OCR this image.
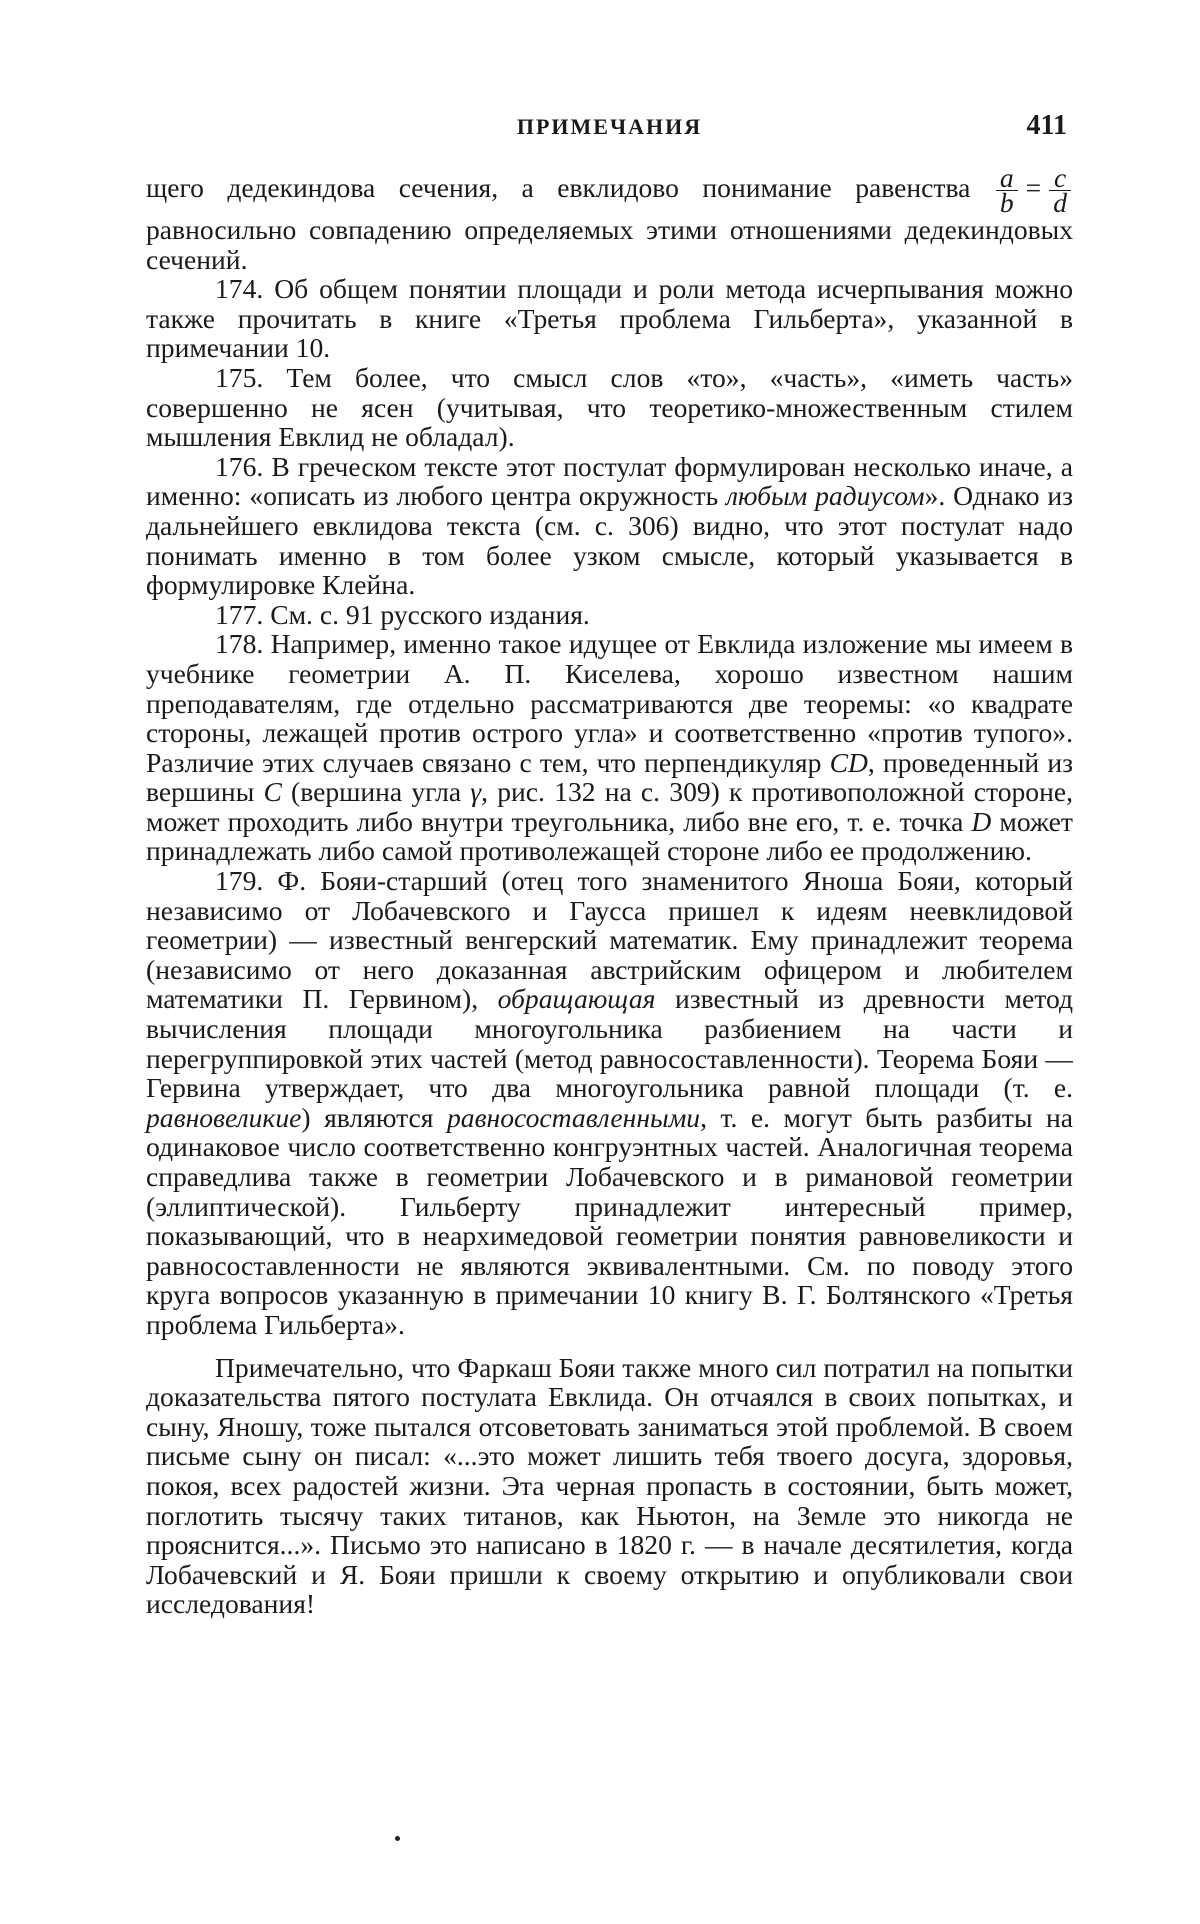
ПРИМЕЧАНИЯ	411

щего дедекиндова сечения, а евклидово понимание равенства a
b = c
d
равносильно совпадению определяемых этими отношениями дедекиндовых сечений.

174. Об общем понятии площади и роли метода исчерпывания можно также прочитать в книге «Третья проблема Гильберта», указанной в примечании 10.

175. Тем более, что смысл слов «то», «часть», «иметь часть» совершенно не ясен (учитывая, что теоретико-множественным стилем мышления Евклид не обладал).

176. В греческом тексте этот постулат формулирован несколько иначе, а именно: «описать из любого центра окружность любым радиусом». Однако из дальнейшего евклидова текста (см. с. 306) видно, что этот постулат надо понимать именно в том более узком смысле, который указывается в формулировке Клейна.

177. См. с. 91 русского издания.

178. Например, именно такое идущее от Евклида изложение мы имеем в учебнике геометрии А. П. Киселева, хорошо известном нашим преподавателям, где отдельно рассматриваются две теоремы: «о квадрате стороны, лежащей против острого угла» и соответственно «против тупого». Различие этих случаев связано с тем, что перпендикуляр CD, проведенный из вершины C (вершина угла γ, рис. 132 на с. 309) к противоположной стороне, может проходить либо внутри треугольника, либо вне его, т. е. точка D может принадлежать либо самой противолежащей стороне либо ее продолжению.

179. Ф. Бояи-старший (отец того знаменитого Яноша Бояи, который независимо от Лобачевского и Гаусса пришел к идеям неевклидовой геометрии) — известный венгерский математик. Ему принадлежит теорема (независимо от него доказанная австрийским офицером и любителем математики П. Гервином), обращающая известный из древности метод вычисления площади многоугольника разбиением на части и перегруппировкой этих частей (метод равносоставленности). Теорема Бояи — Гервина утверждает, что два многоугольника равной площади (т. е. равновеликие) являются равносоставленными, т. е. могут быть разбиты на одинаковое число соответственно конгруэнтных частей. Аналогичная теорема справедлива также в геометрии Лобачевского и в римановой геометрии (эллиптической). Гильберту принадлежит интересный пример, показывающий, что в неархимедовой геометрии понятия равновеликости и равносоставленности не являются эквивалентными. См. по поводу этого круга вопросов указанную в примечании 10 книгу В. Г. Болтянского «Третья проблема Гильберта».

Примечательно, что Фаркаш Бояи также много сил потратил на попытки доказательства пятого постулата Евклида. Он отчаялся в своих попытках, и сыну, Яношу, тоже пытался отсоветовать заниматься этой проблемой. В своем письме сыну он писал: «...это может лишить тебя твоего досуга, здоровья, покоя, всех радостей жизни. Эта черная пропасть в состоянии, быть может, поглотить тысячу таких титанов, как Ньютон, на Земле это никогда не прояснится...». Письмо это написано в 1820 г. — в начале десятилетия, когда Лобачевский и Я. Бояи пришли к своему открытию и опубликовали свои исследования!
